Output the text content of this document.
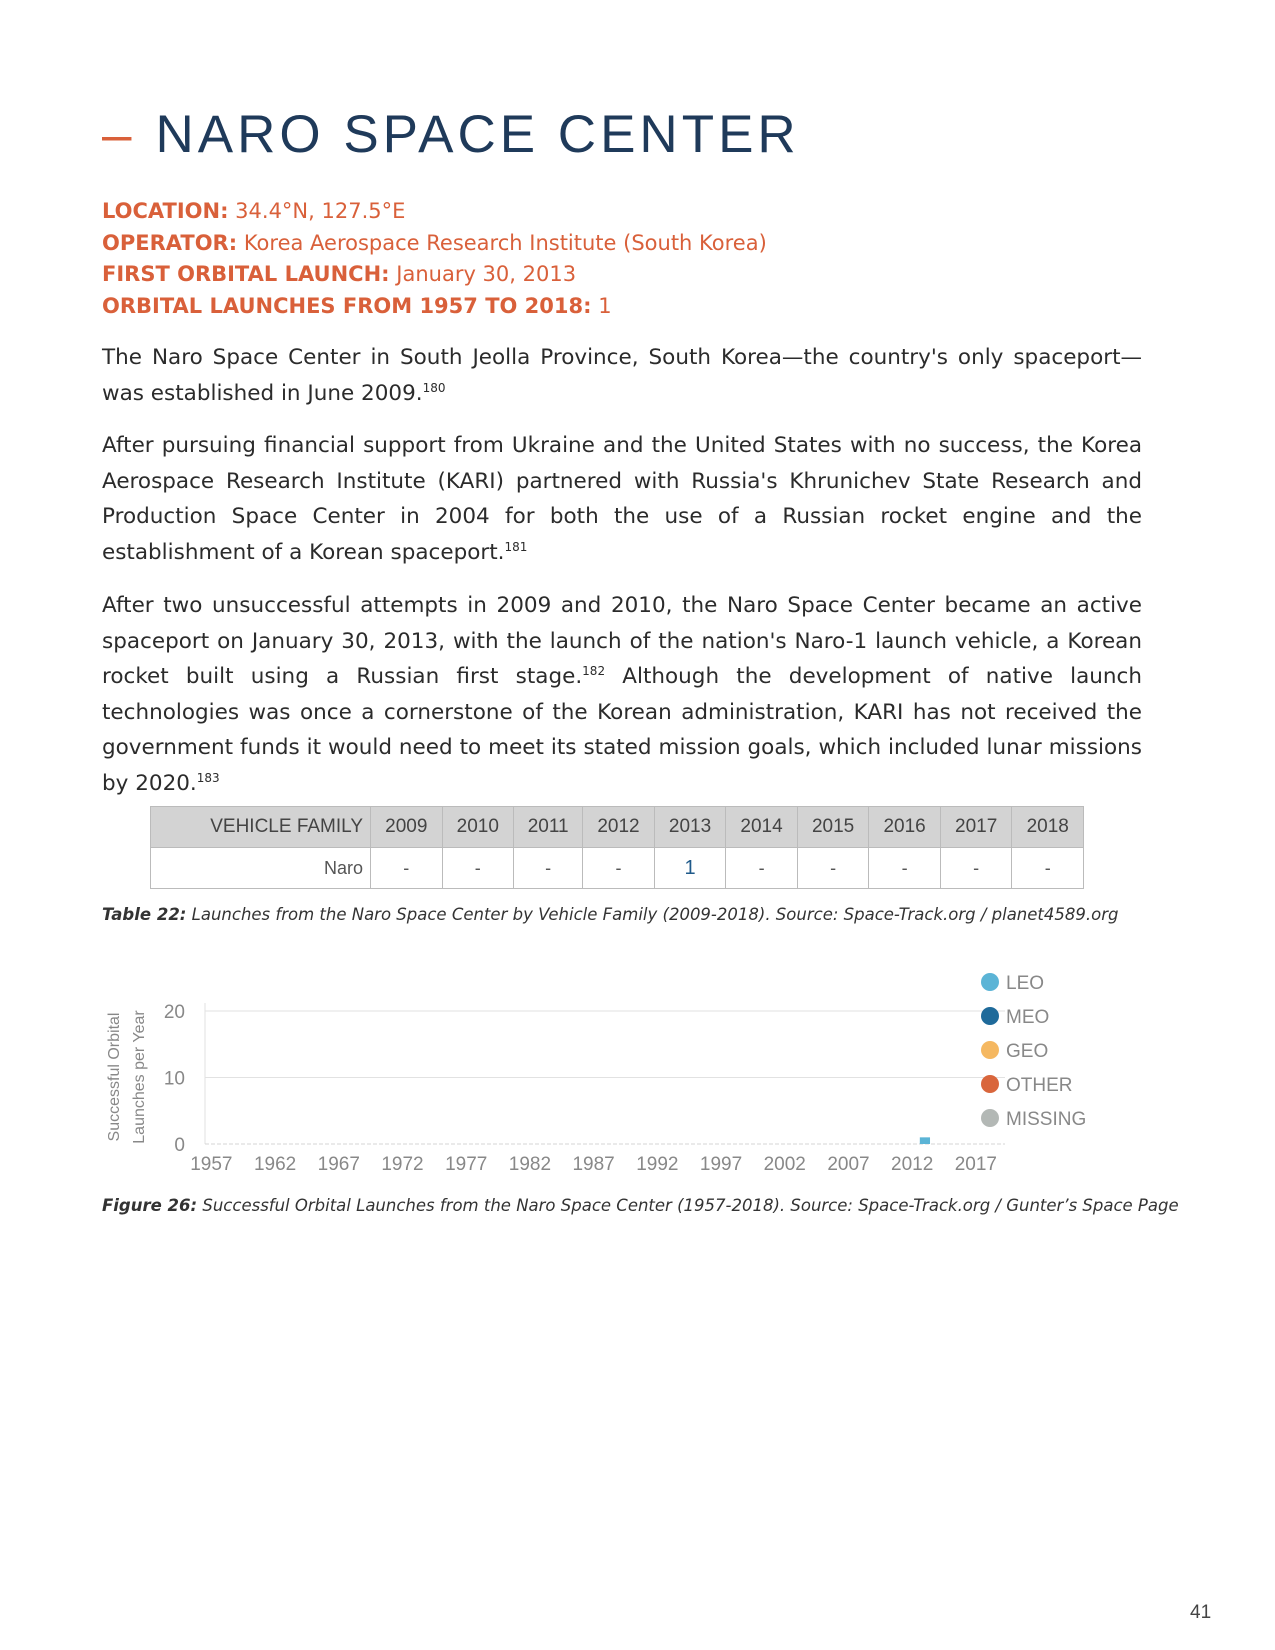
– NARO SPACE CENTER
LOCATION: 34.4°N, 127.5°E
OPERATOR: Korea Aerospace Research Institute (South Korea)
FIRST ORBITAL LAUNCH: January 30, 2013
ORBITAL LAUNCHES FROM 1957 TO 2018: 1

The Naro Space Center in South Jeolla Province, South Korea—the country's only spaceport—was established in June 2009.$^{180}$

After pursuing financial support from Ukraine and the United States with no success, the Korea Aerospace Research Institute (KARI) partnered with Russia's Khrunichev State Research and Production Space Center in 2004 for both the use of a Russian rocket engine and the establishment of a Korean spaceport.$^{181}$

After two unsuccessful attempts in 2009 and 2010, the Naro Space Center became an active spaceport on January 30, 2013, with the launch of the nation's Naro-1 launch vehicle, a Korean rocket built using a Russian first stage.$^{182}$ Although the development of native launch technologies was once a cornerstone of the Korean administration, KARI has not received the government funds it would need to meet its stated mission goals, which included lunar missions by 2020.$^{183}$

VEHICLE FAMILY	2009	2010	2011	2012	2013	2014	2015	2016	2017	2018
Naro	-	-	-	-	1	-	-	-	-	-

Table 22: Launches from the Naro Space Center by Vehicle Family (2009-2018). Source: Space-Track.org / planet4589.org

0
10
20
Successful Orbital Launches per Year
1957 1962 1967 1972 1977 1982 1987 1992 1997 2002 2007 2012 2017
LEO
MEO
GEO
OTHER
MISSING

Figure 26: Successful Orbital Launches from the Naro Space Center (1957-2018). Source: Space-Track.org / Gunter’s Space Page

41
